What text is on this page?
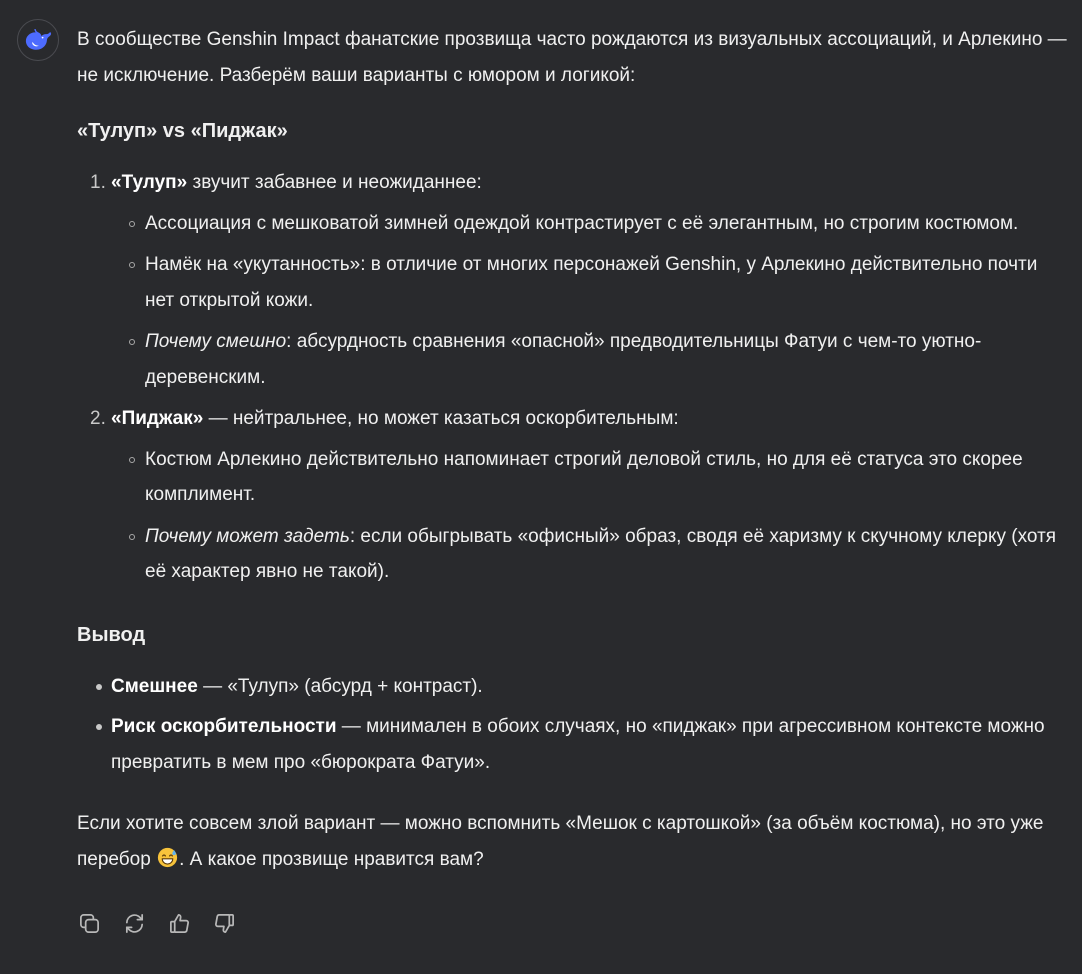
В сообществе Genshin Impact фанатские прозвища часто рождаются из визуальных ассоциаций, и Арлекино — не исключение. Разберём ваши варианты с юмором и логикой:

«Тулуп» vs «Пиджак»
1. «Тулуп» звучит забавнее и неожиданнее:
Ассоциация с мешковатой зимней одеждой контрастирует с её элегантным, но строгим костюмом.
Намёк на «укутанность»: в отличие от многих персонажей Genshin, у Арлекино действительно почти нет открытой кожи.
Почему смешно: абсурдность сравнения «опасной» предводительницы Фатуи с чем-то уютно-деревенским.
2. «Пиджак» — нейтральнее, но может казаться оскорбительным:
Костюм Арлекино действительно напоминает строгий деловой стиль, но для её статуса это скорее комплимент.
Почему может задеть: если обыгрывать «офисный» образ, сводя её харизму к скучному клерку (хотя её характер явно не такой).
Вывод
Смешнее — «Тулуп» (абсурд + контраст).
Риск оскорбительности — минимален в обоих случаях, но «пиджак» при агрессивном контексте можно превратить в мем про «бюрократа Фатуи».

Если хотите совсем злой вариант — можно вспомнить «Мешок с картошкой» (за объём костюма), но это уже перебор . А какое прозвище нравится вам?
